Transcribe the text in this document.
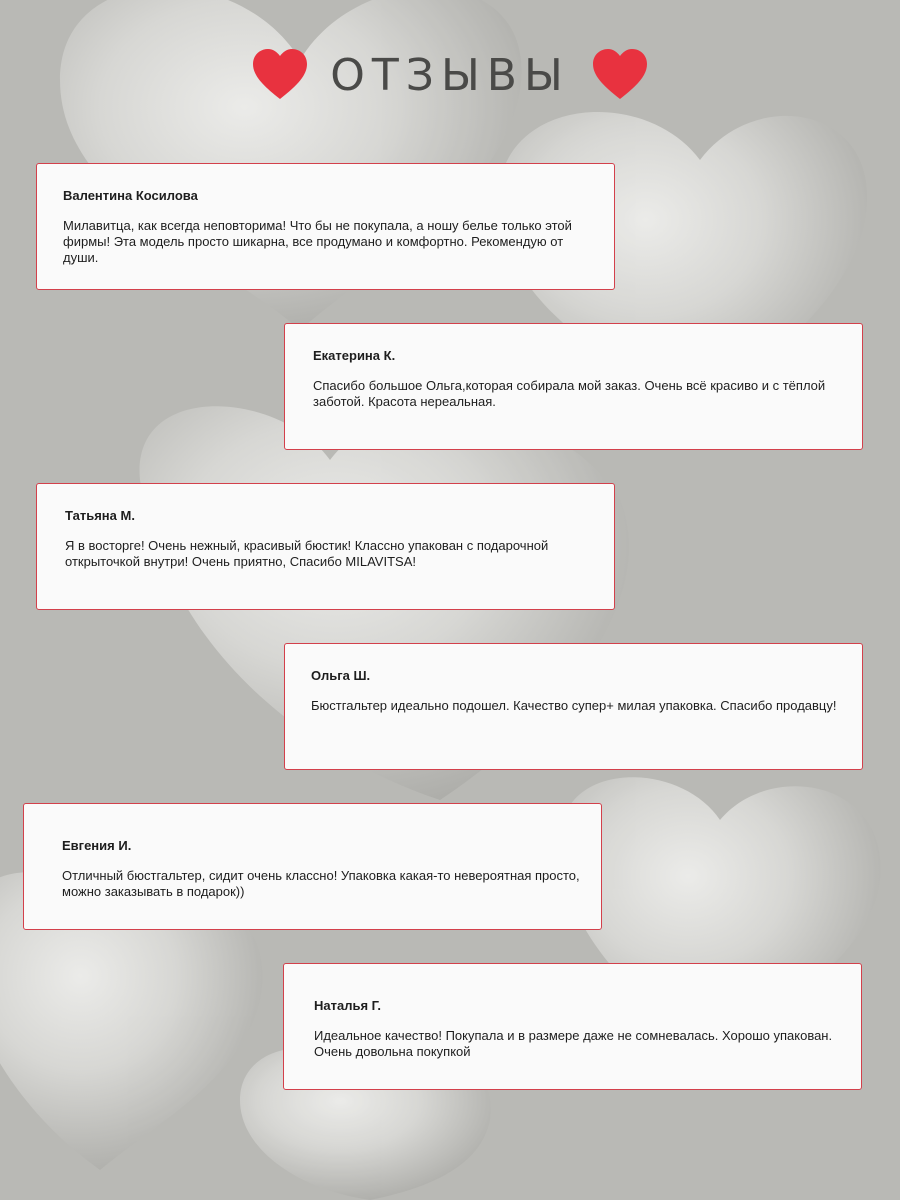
ОТЗЫВЫ

Валентина Косилова

Милавитца, как всегда неповторима! Что бы не покупала, а ношу белье только этой фирмы! Эта модель просто шикарна, все продумано и комфортно. Рекомендую от души.

Екатерина К.

Спасибо большое Ольга,которая собирала мой заказ. Очень всё красиво и с тёплой заботой. Красота нереальная.

Татьяна М.

Я в восторге! Очень нежный, красивый бюстик! Классно упакован с подарочной открыточкой внутри! Очень приятно, Спасибо MILAVITSA!

Ольга Ш.

Бюстгальтер идеально подошел. Качество супер+ милая упаковка. Спасибо продавцу!

Евгения И.

Отличный бюстгальтер, сидит очень классно! Упаковка какая-то невероятная просто, можно заказывать в подарок))

Наталья Г.

Идеальное качество! Покупала и в размере даже не сомневалась. Хорошо упакован. Очень довольна покупкой
